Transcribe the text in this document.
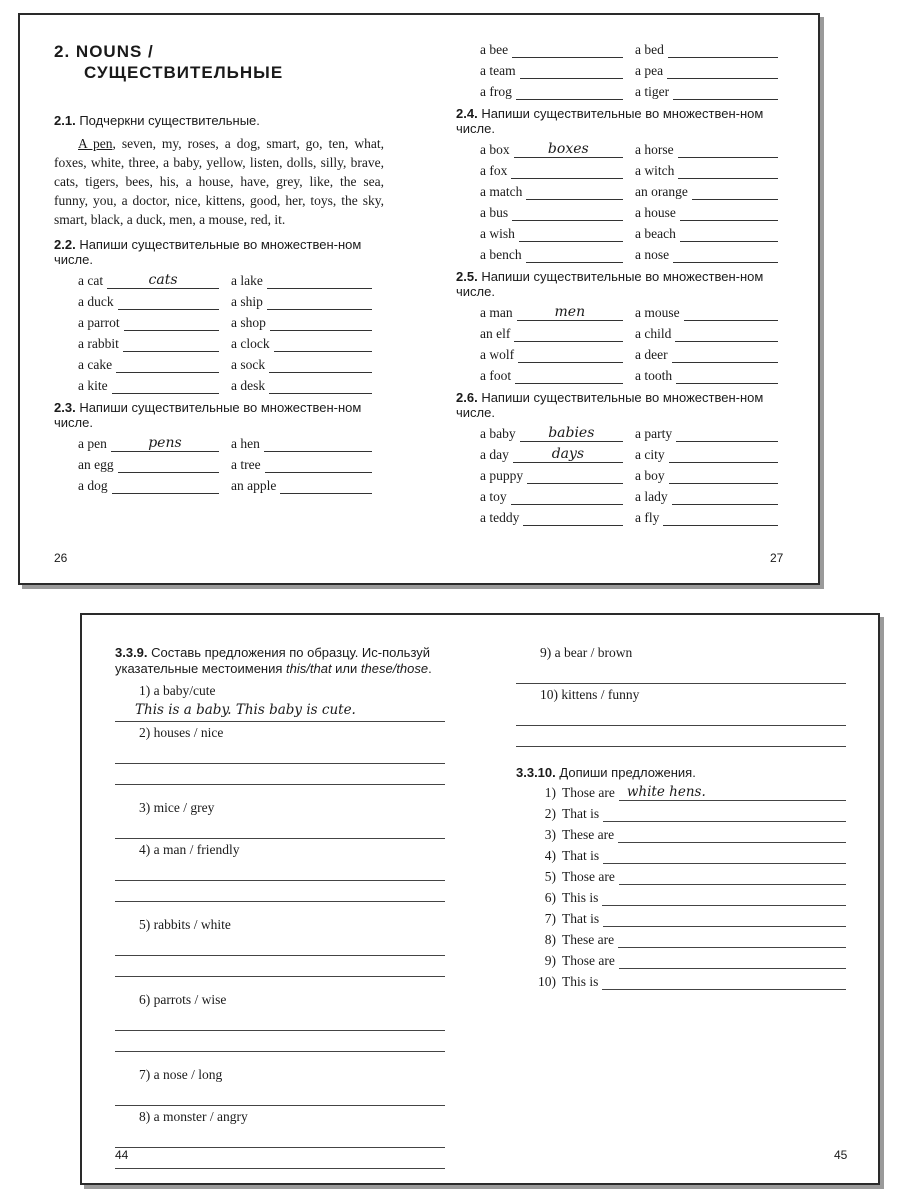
2. NOUNS /
СУЩЕСТВИТЕЛЬНЫЕ

2.1. Подчеркни существительные.

A pen, seven, my, roses, a dog, smart, go, ten, what, foxes, white, three, a baby, yellow, listen, dolls, silly, brave, cats, tigers, bees, his, a house, have, grey, like, the sea, funny, you, a doctor, nice, kittens, good, her, toys, the sky, smart, black, a duck, men, a mouse, red, it.

2.2. Напиши существительные во множествен-ном числе.

a cat	cats	a lake
a duck	a ship
a parrot	a shop
a rabbit	a clock
a cake	a sock
a kite	a desk

2.3. Напиши существительные во множествен-ном числе.

a pen	pens	a hen
an egg	a tree
a dog	an apple
26
a bee	a bed
a team	a pea
a frog	a tiger

2.4. Напиши существительные во множествен-ном числе.

a box	boxes	a horse
a fox	a witch
a match	an orange
a bus	a house
a wish	a beach
a bench	a nose

2.5. Напиши существительные во множествен-ном числе.

a man	men	a mouse
an elf	a child
a wolf	a deer
a foot	a tooth

2.6. Напиши существительные во множествен-ном числе.

a baby	babies	a party
a day	days	a city
a puppy	a boy
a toy	a lady
a teddy	a fly
27

3.3.9. Составь предложения по образцу. Ис-пользуй указательные местоимения this/that или these/those.

1) a baby/cute
This is a baby. This baby is cute.
2) houses / nice
3) mice / grey
4) a man / friendly
5) rabbits / white
6) parrots / wise
7) a nose / long
8) a monster / angry
44
9) a bear / brown
10) kittens / funny

3.3.10. Допиши предложения.

1) Those are white hens.
2) That is
3) These are
4) That is
5) Those are
6) This is
7) That is
8) These are
9) Those are
10) This is
45
